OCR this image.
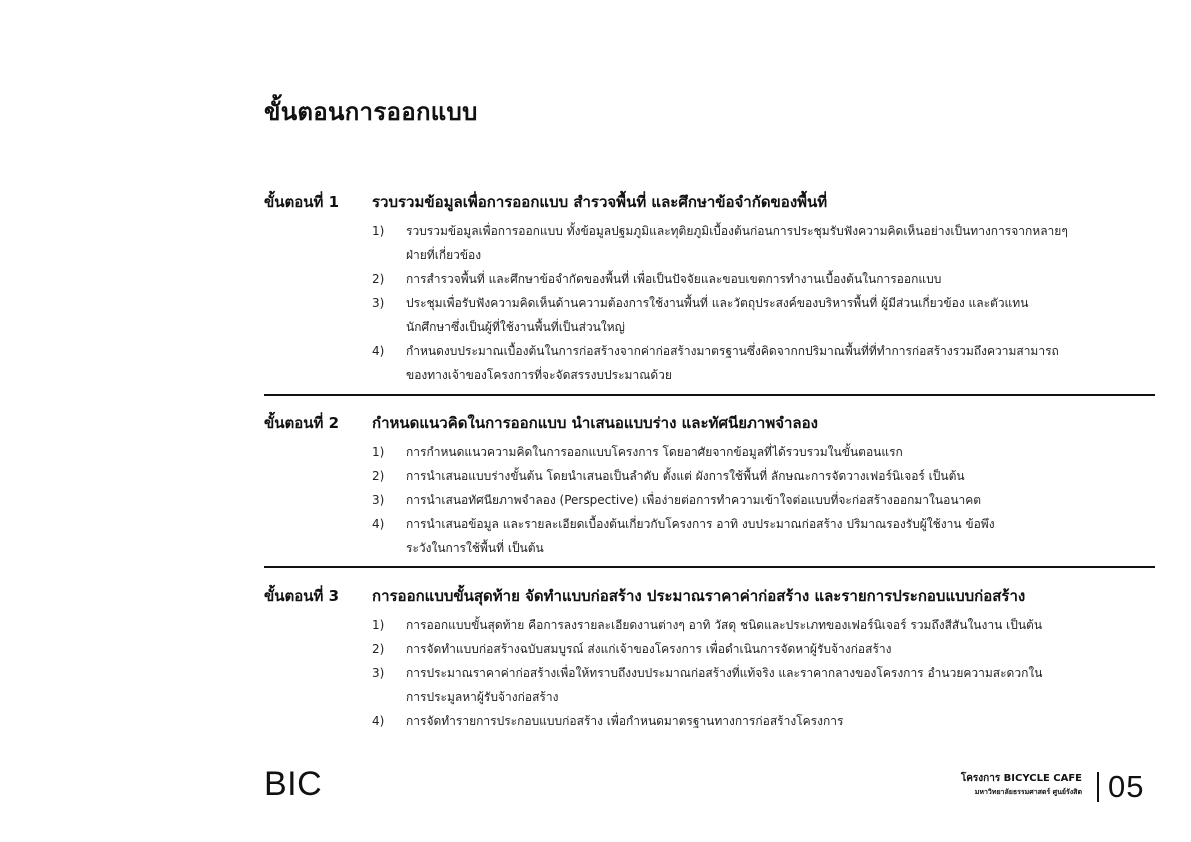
ขั้นตอนการออกแบบ
ขั้นตอนที่ 1	รวบรวมข้อมูลเพื่อการออกแบบ สำรวจพื้นที่ และศึกษาข้อจำกัดของพื้นที่
1)	รวบรวมข้อมูลเพื่อการออกแบบ ทั้งข้อมูลปฐมภูมิและทุติยภูมิเบื้องต้นก่อนการประชุมรับฟังความคิดเห็นอย่างเป็นทางการจากหลายๆ
ฝ่ายที่เกี่ยวข้อง
2)	การสำรวจพื้นที่ และศึกษาข้อจำกัดของพื้นที่ เพื่อเป็นปัจจัยและขอบเขตการทำงานเบื้องต้นในการออกแบบ
3)	ประชุมเพื่อรับฟังความคิดเห็นด้านความต้องการใช้งานพื้นที่ และวัตถุประสงค์ของบริหารพื้นที่ ผู้มีส่วนเกี่ยวข้อง และตัวแทน
นักศึกษาซึ่งเป็นผู้ที่ใช้งานพื้นที่เป็นส่วนใหญ่
4)	กำหนดงบประมาณเบื้องต้นในการก่อสร้างจากค่าก่อสร้างมาตรฐานซึ่งคิดจากกปริมาณพื้นที่ที่ทำการก่อสร้างรวมถึงความสามารถ
ของทางเจ้าของโครงการที่จะจัดสรรงบประมาณด้วย
ขั้นตอนที่ 2	กำหนดแนวคิดในการออกแบบ นำเสนอแบบร่าง และทัศนียภาพจำลอง
1)	การกำหนดแนวความคิดในการออกแบบโครงการ โดยอาศัยจากข้อมูลที่ได้รวบรวมในขั้นตอนแรก
2)	การนำเสนอแบบร่างขั้นต้น โดยนำเสนอเป็นลำดับ ตั้งแต่ ผังการใช้พื้นที่ ลักษณะการจัดวางเฟอร์นิเจอร์ เป็นต้น
3)	การนำเสนอทัศนียภาพจำลอง (Perspective) เพื่อง่ายต่อการทำความเข้าใจต่อแบบที่จะก่อสร้างออกมาในอนาคต
4)	การนำเสนอข้อมูล และรายละเอียดเบื้องต้นเกี่ยวกับโครงการ อาทิ งบประมาณก่อสร้าง ปริมาณรองรับผู้ใช้งาน ข้อพึง
ระวังในการใช้พื้นที่ เป็นต้น
ขั้นตอนที่ 3	การออกแบบขั้นสุดท้าย จัดทำแบบก่อสร้าง ประมาณราคาค่าก่อสร้าง และรายการประกอบแบบก่อสร้าง
1)	การออกแบบขั้นสุดท้าย คือการลงรายละเอียดงานต่างๆ อาทิ วัสดุ ชนิดและประเภทของเฟอร์นิเจอร์ รวมถึงสีสันในงาน เป็นต้น
2)	การจัดทำแบบก่อสร้างฉบับสมบูรณ์ ส่งแก่เจ้าของโครงการ เพื่อดำเนินการจัดหาผู้รับจ้างก่อสร้าง
3)	การประมาณราคาค่าก่อสร้างเพื่อให้ทราบถึงงบประมาณก่อสร้างที่แท้จริง และราคากลางของโครงการ อำนวยความสะดวกใน
การประมูลหาผู้รับจ้างก่อสร้าง
4)	การจัดทำรายการประกอบแบบก่อสร้าง เพื่อกำหนดมาตรฐานทางการก่อสร้างโครงการ
BIC	โครงการ BICYCLE CAFE
มหาวิทยาลัยธรรมศาสตร์ ศูนย์รังสิต 05
